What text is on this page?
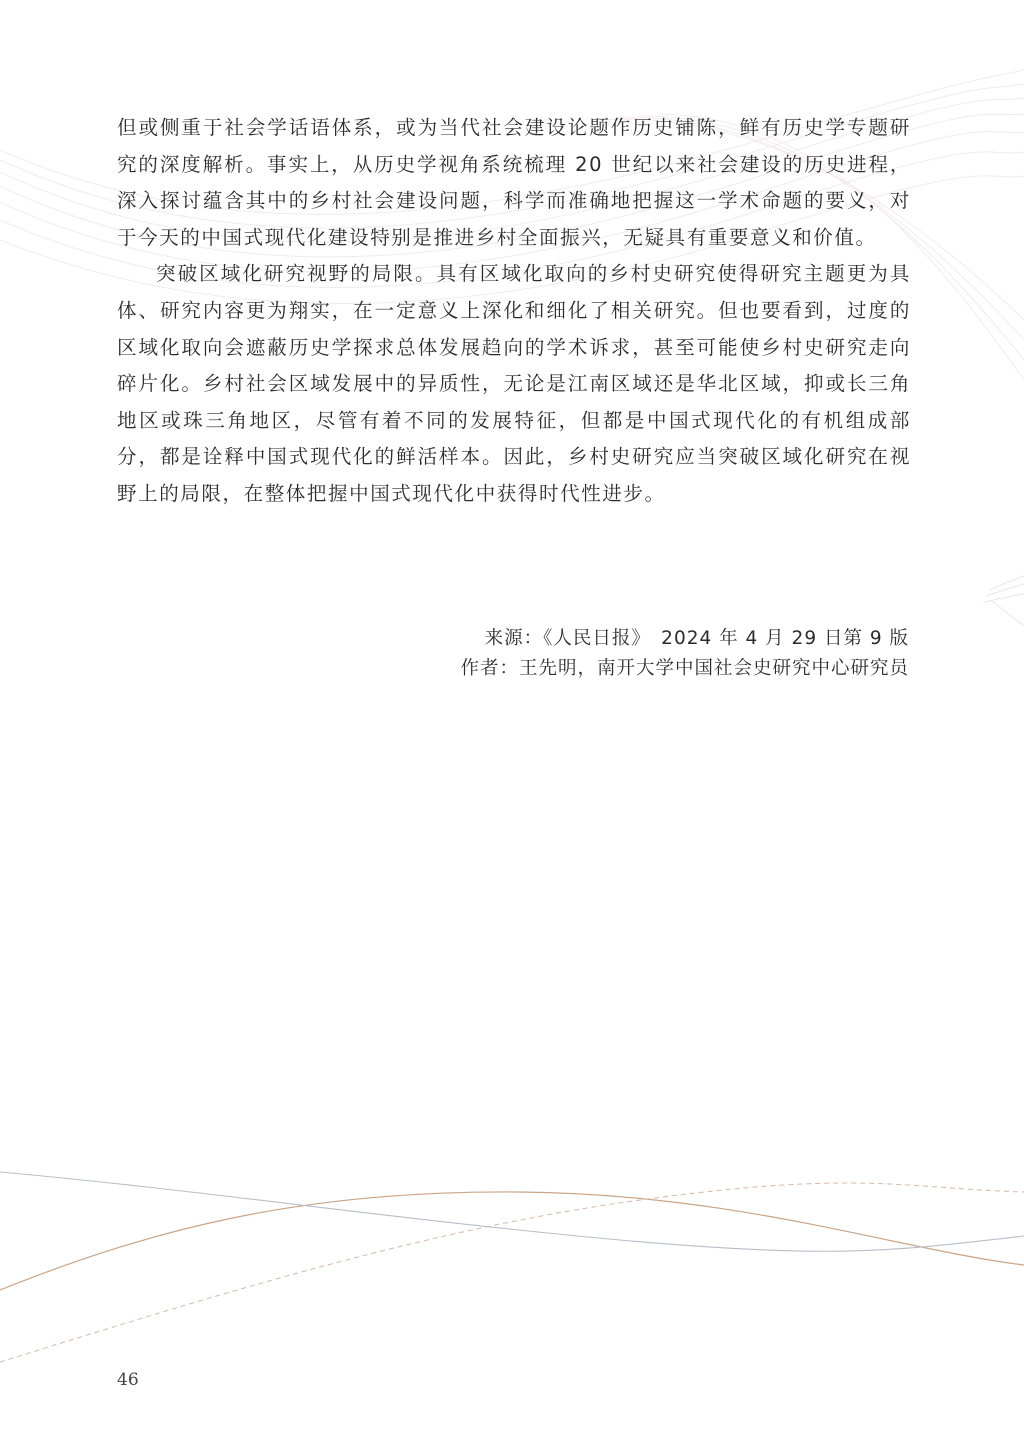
但或侧重于社会学话语体系，或为当代社会建设论题作历史铺陈，鲜有历史学专题研究的深度解析。事实上，从历史学视角系统梳理 20 世纪以来社会建设的历史进程，深入探讨蕴含其中的乡村社会建设问题，科学而准确地把握这一学术命题的要义，对于今天的中国式现代化建设特别是推进乡村全面振兴，无疑具有重要意义和价值。

突破区域化研究视野的局限。具有区域化取向的乡村史研究使得研究主题更为具体、研究内容更为翔实，在一定意义上深化和细化了相关研究。但也要看到，过度的区域化取向会遮蔽历史学探求总体发展趋向的学术诉求，甚至可能使乡村史研究走向碎片化。乡村社会区域发展中的异质性，无论是江南区域还是华北区域，抑或长三角地区或珠三角地区，尽管有着不同的发展特征，但都是中国式现代化的有机组成部分，都是诠释中国式现代化的鲜活样本。因此，乡村史研究应当突破区域化研究在视野上的局限，在整体把握中国式现代化中获得时代性进步。

来源：《人民日报》　2024 年 4 月 29 日第 9 版
作者：王先明，南开大学中国社会史研究中心研究员
46
